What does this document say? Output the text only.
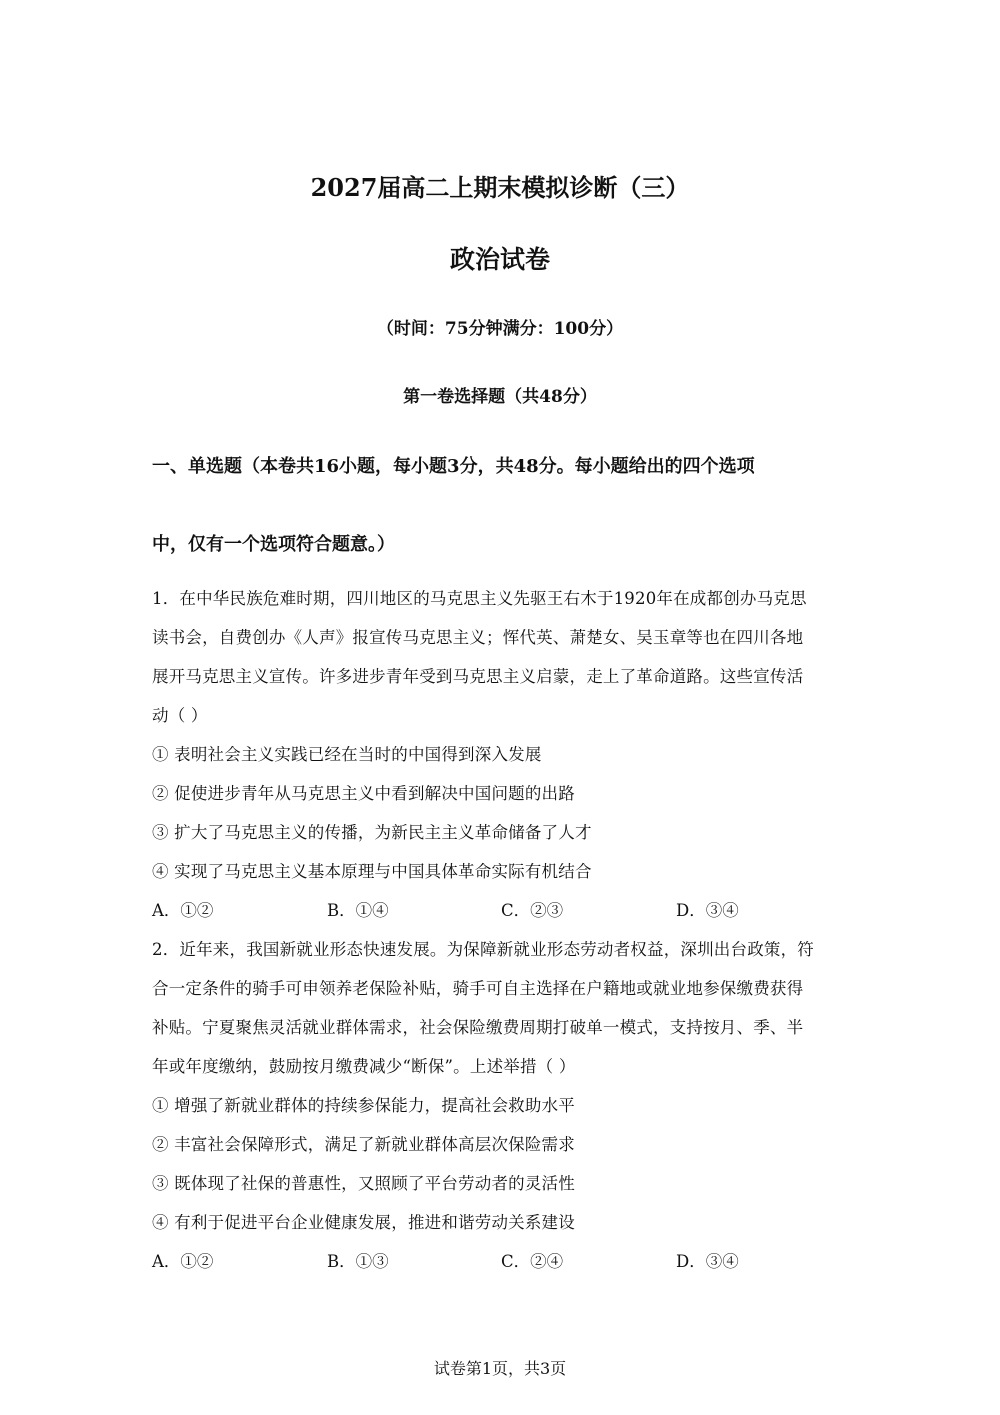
2027届高二上期末模拟诊断（三）
政治试卷
（时间：75分钟满分：100分）
第一卷选择题（共48分）
一、单选题（本卷共16小题，每小题3分，共48分。每小题给出的四个选项
中，仅有一个选项符合题意。）
1．在中华民族危难时期，四川地区的马克思主义先驱王右木于1920年在成都创办马克思
读书会，自费创办《人声》报宣传马克思主义；恽代英、萧楚女、吴玉章等也在四川各地
展开马克思主义宣传。许多进步青年受到马克思主义启蒙，走上了革命道路。这些宣传活
动（ ）
① 表明社会主义实践已经在当时的中国得到深入发展
② 促使进步青年从马克思主义中看到解决中国问题的出路
③ 扩大了马克思主义的传播，为新民主主义革命储备了人才
④ 实现了马克思主义基本原理与中国具体革命实际有机结合
A．①②	B．①④	C．②③	D．③④
2．近年来，我国新就业形态快速发展。为保障新就业形态劳动者权益，深圳出台政策，符
合一定条件的骑手可申领养老保险补贴，骑手可自主选择在户籍地或就业地参保缴费获得
补贴。宁夏聚焦灵活就业群体需求，社会保险缴费周期打破单一模式，支持按月、季、半
年或年度缴纳，鼓励按月缴费减少“断保”。上述举措（ ）
① 增强了新就业群体的持续参保能力，提高社会救助水平
② 丰富社会保障形式，满足了新就业群体高层次保险需求
③ 既体现了社保的普惠性，又照顾了平台劳动者的灵活性
④ 有利于促进平台企业健康发展，推进和谐劳动关系建设
A．①②	B．①③	C．②④	D．③④
试卷第1页，共3页
